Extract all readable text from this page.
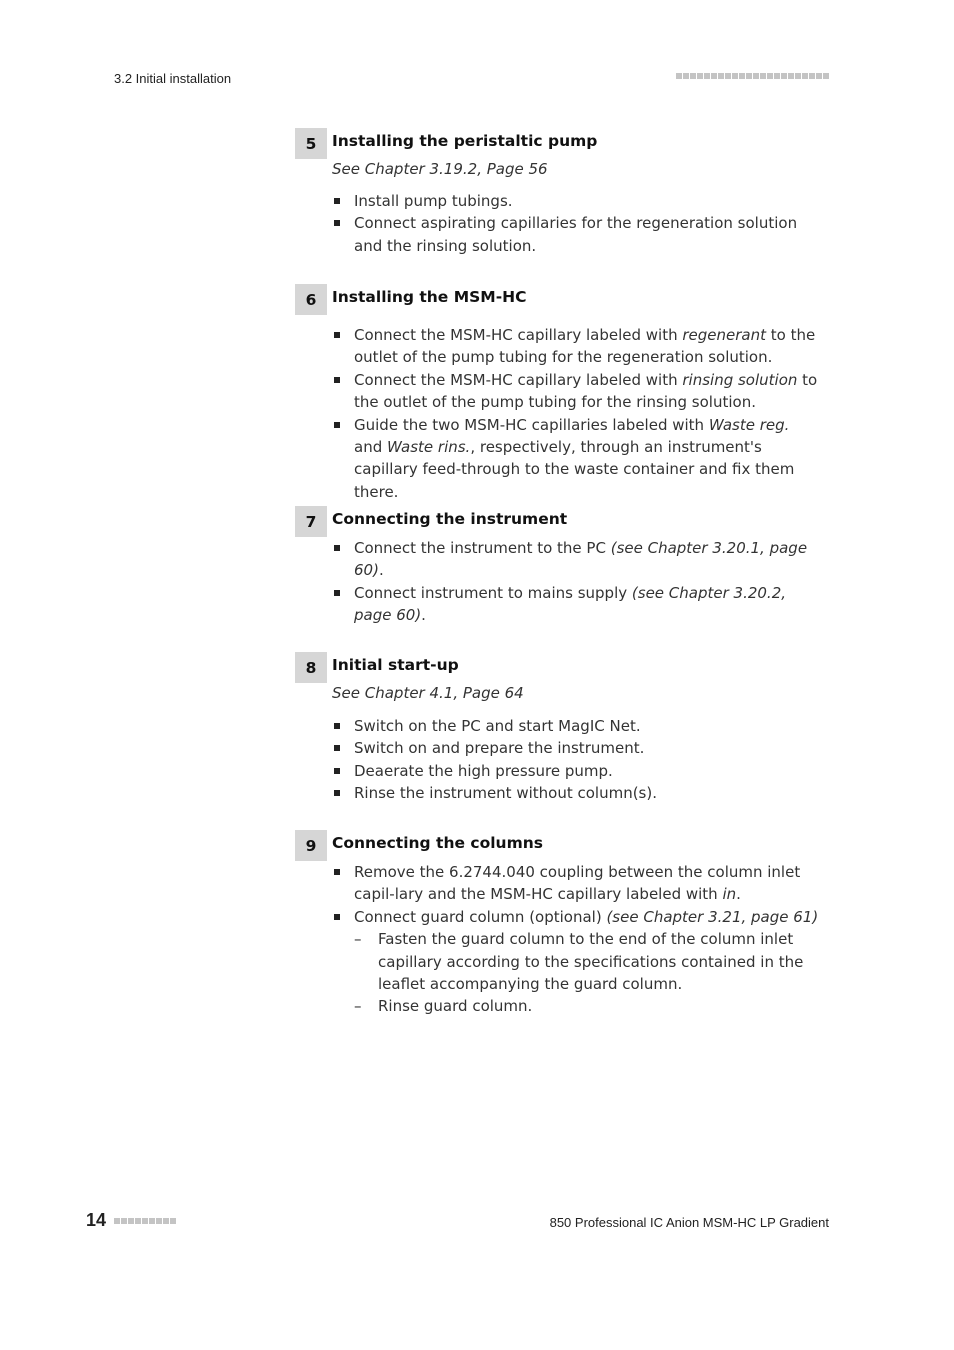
3.2 Initial installation
5	Installing the peristaltic pump
See Chapter 3.19.2, Page 56
Install pump tubings.
Connect aspirating capillaries for the regeneration solution and the rinsing solution.
6	Installing the MSM-HC
Connect the MSM-HC capillary labeled with regenerant to the outlet of the pump tubing for the regeneration solution.
Connect the MSM-HC capillary labeled with rinsing solution to the outlet of the pump tubing for the rinsing solution.
Guide the two MSM-HC capillaries labeled with Waste reg. and Waste rins., respectively, through an instrument's capillary feed-through to the waste container and fix them there.
7	Connecting the instrument
Connect the instrument to the PC (see Chapter 3.20.1, page 60).
Connect instrument to mains supply (see Chapter 3.20.2, page 60).
8	Initial start-up
See Chapter 4.1, Page 64
Switch on the PC and start MagIC Net.
Switch on and prepare the instrument.
Deaerate the high pressure pump.
Rinse the instrument without column(s).
9	Connecting the columns
Remove the 6.2744.040 coupling between the column inlet capil-lary and the MSM-HC capillary labeled with in.
Connect guard column (optional) (see Chapter 3.21, page 61)
– Fasten the guard column to the end of the column inlet capillary according to the specifications contained in the leaflet accompanying the guard column.
– Rinse guard column.
14	850 Professional IC Anion MSM-HC LP Gradient
